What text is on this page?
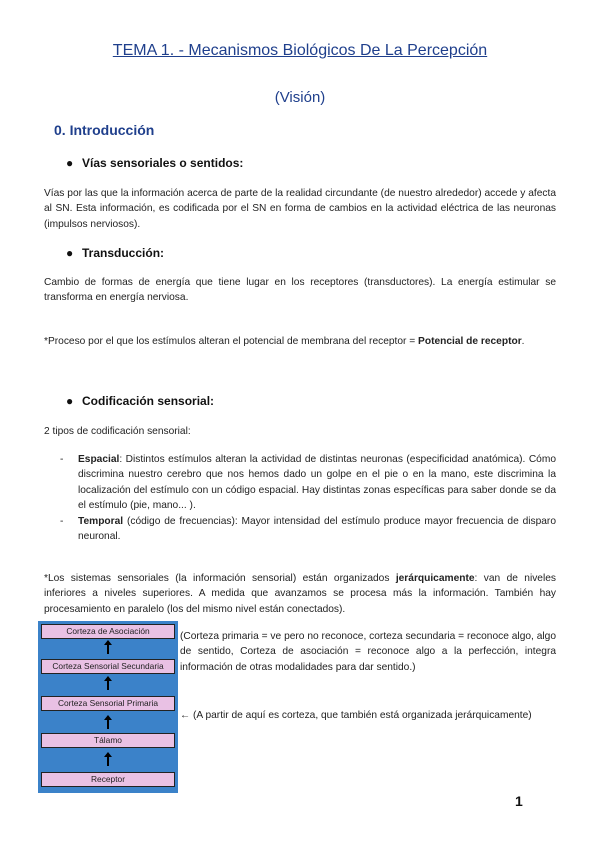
TEMA 1. - Mecanismos Biológicos De La Percepción
(Visión)
0. Introducción
● Vías sensoriales o sentidos:
Vías por las que la información acerca de parte de la realidad circundante (de nuestro alrededor) accede y afecta al SN. Esta información, es codificada por el SN en forma de cambios en la actividad eléctrica de las neuronas (impulsos nerviosos).
● Transducción:
Cambio de formas de energía que tiene lugar en los receptores (transductores). La energía estimular se transforma en energía nerviosa.
*Proceso por el que los estímulos alteran el potencial de membrana del receptor = Potencial de receptor.
● Codificación sensorial:
2 tipos de codificación sensorial:
- Espacial: Distintos estímulos alteran la actividad de distintas neuronas (especificidad anatómica). Cómo discrimina nuestro cerebro que nos hemos dado un golpe en el pie o en la mano, este discrimina la localización del estímulo con un código espacial. Hay distintas zonas específicas para saber donde se da el estímulo (pie, mano... ).
- Temporal (código de frecuencias): Mayor intensidad del estímulo produce mayor frecuencia de disparo neuronal.
*Los sistemas sensoriales (la información sensorial) están organizados jerárquicamente: van de niveles inferiores a niveles superiores. A medida que avanzamos se procesa más la información. También hay procesamiento en paralelo (los del mismo nivel están conectados).
Corteza de Asociación
Corteza Sensorial Secundaria
Corteza Sensorial Primaria
Tálamo
Receptor
(Corteza primaria = ve pero no reconoce, corteza secundaria = reconoce algo, algo de sentido, Corteza de asociación = reconoce algo a la perfección, integra información de otras modalidades para dar sentido.)
← (A partir de aquí es corteza, que también está organizada jerárquicamente)
1
